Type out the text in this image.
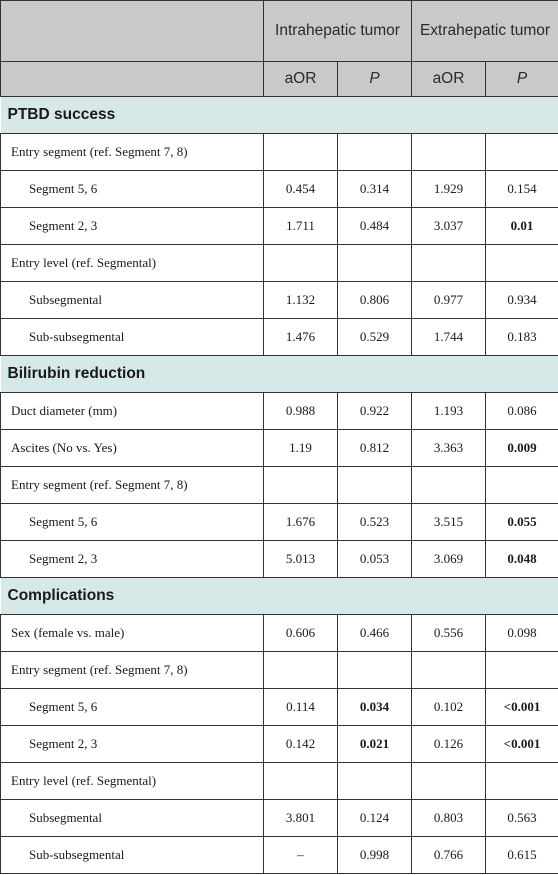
	Intrahepatic tumor		Extrahepatic tumor	
	aOR	P	aOR	P
PTBD success				
Entry segment (ref. Segment 7, 8)				
Segment 5, 6	0.454	0.314	1.929	0.154
Segment 2, 3	1.711	0.484	3.037	0.01
Entry level (ref. Segmental)				
Subsegmental	1.132	0.806	0.977	0.934
Sub-subsegmental	1.476	0.529	1.744	0.183
Bilirubin reduction				
Duct diameter (mm)	0.988	0.922	1.193	0.086
Ascites (No vs. Yes)	1.19	0.812	3.363	0.009
Entry segment (ref. Segment 7, 8)				
Segment 5, 6	1.676	0.523	3.515	0.055
Segment 2, 3	5.013	0.053	3.069	0.048
Complications				
Sex (female vs. male)	0.606	0.466	0.556	0.098
Entry segment (ref. Segment 7, 8)				
Segment 5, 6	0.114	0.034	0.102	<0.001
Segment 2, 3	0.142	0.021	0.126	<0.001
Entry level (ref. Segmental)				
Subsegmental	3.801	0.124	0.803	0.563
Sub-subsegmental	–	0.998	0.766	0.615
